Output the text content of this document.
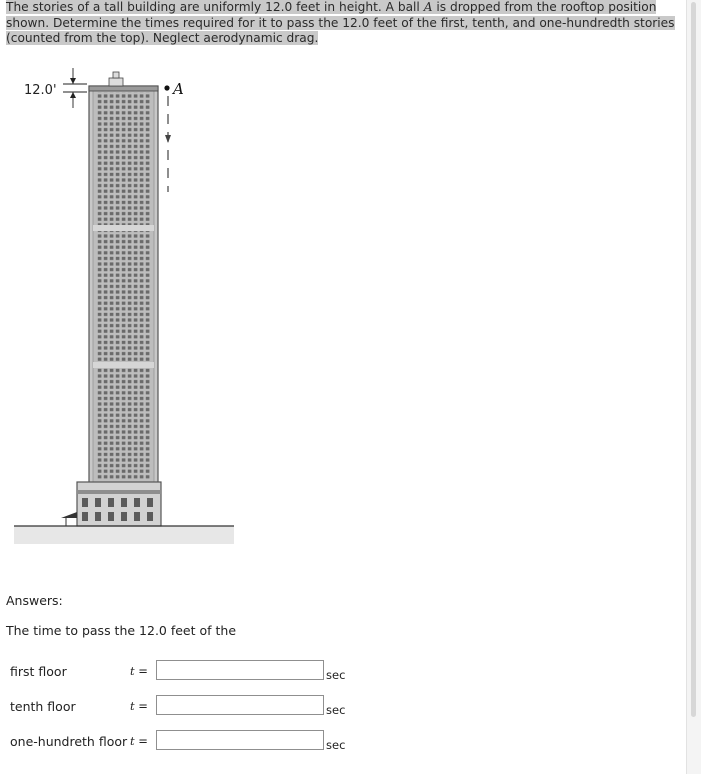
The stories of a tall building are uniformly 12.0 feet in height. A ball A is dropped from the rooftop position shown. Determine the times required for it to pass the 12.0 feet of the first, tenth, and one-hundredth stories (counted from the top). Neglect aerodynamic drag.
12.0'	A
Answers:
The time to pass the 12.0 feet of the
first floor	t =	sec
tenth floor	t =	sec
one-hundreth floor t =	sec
